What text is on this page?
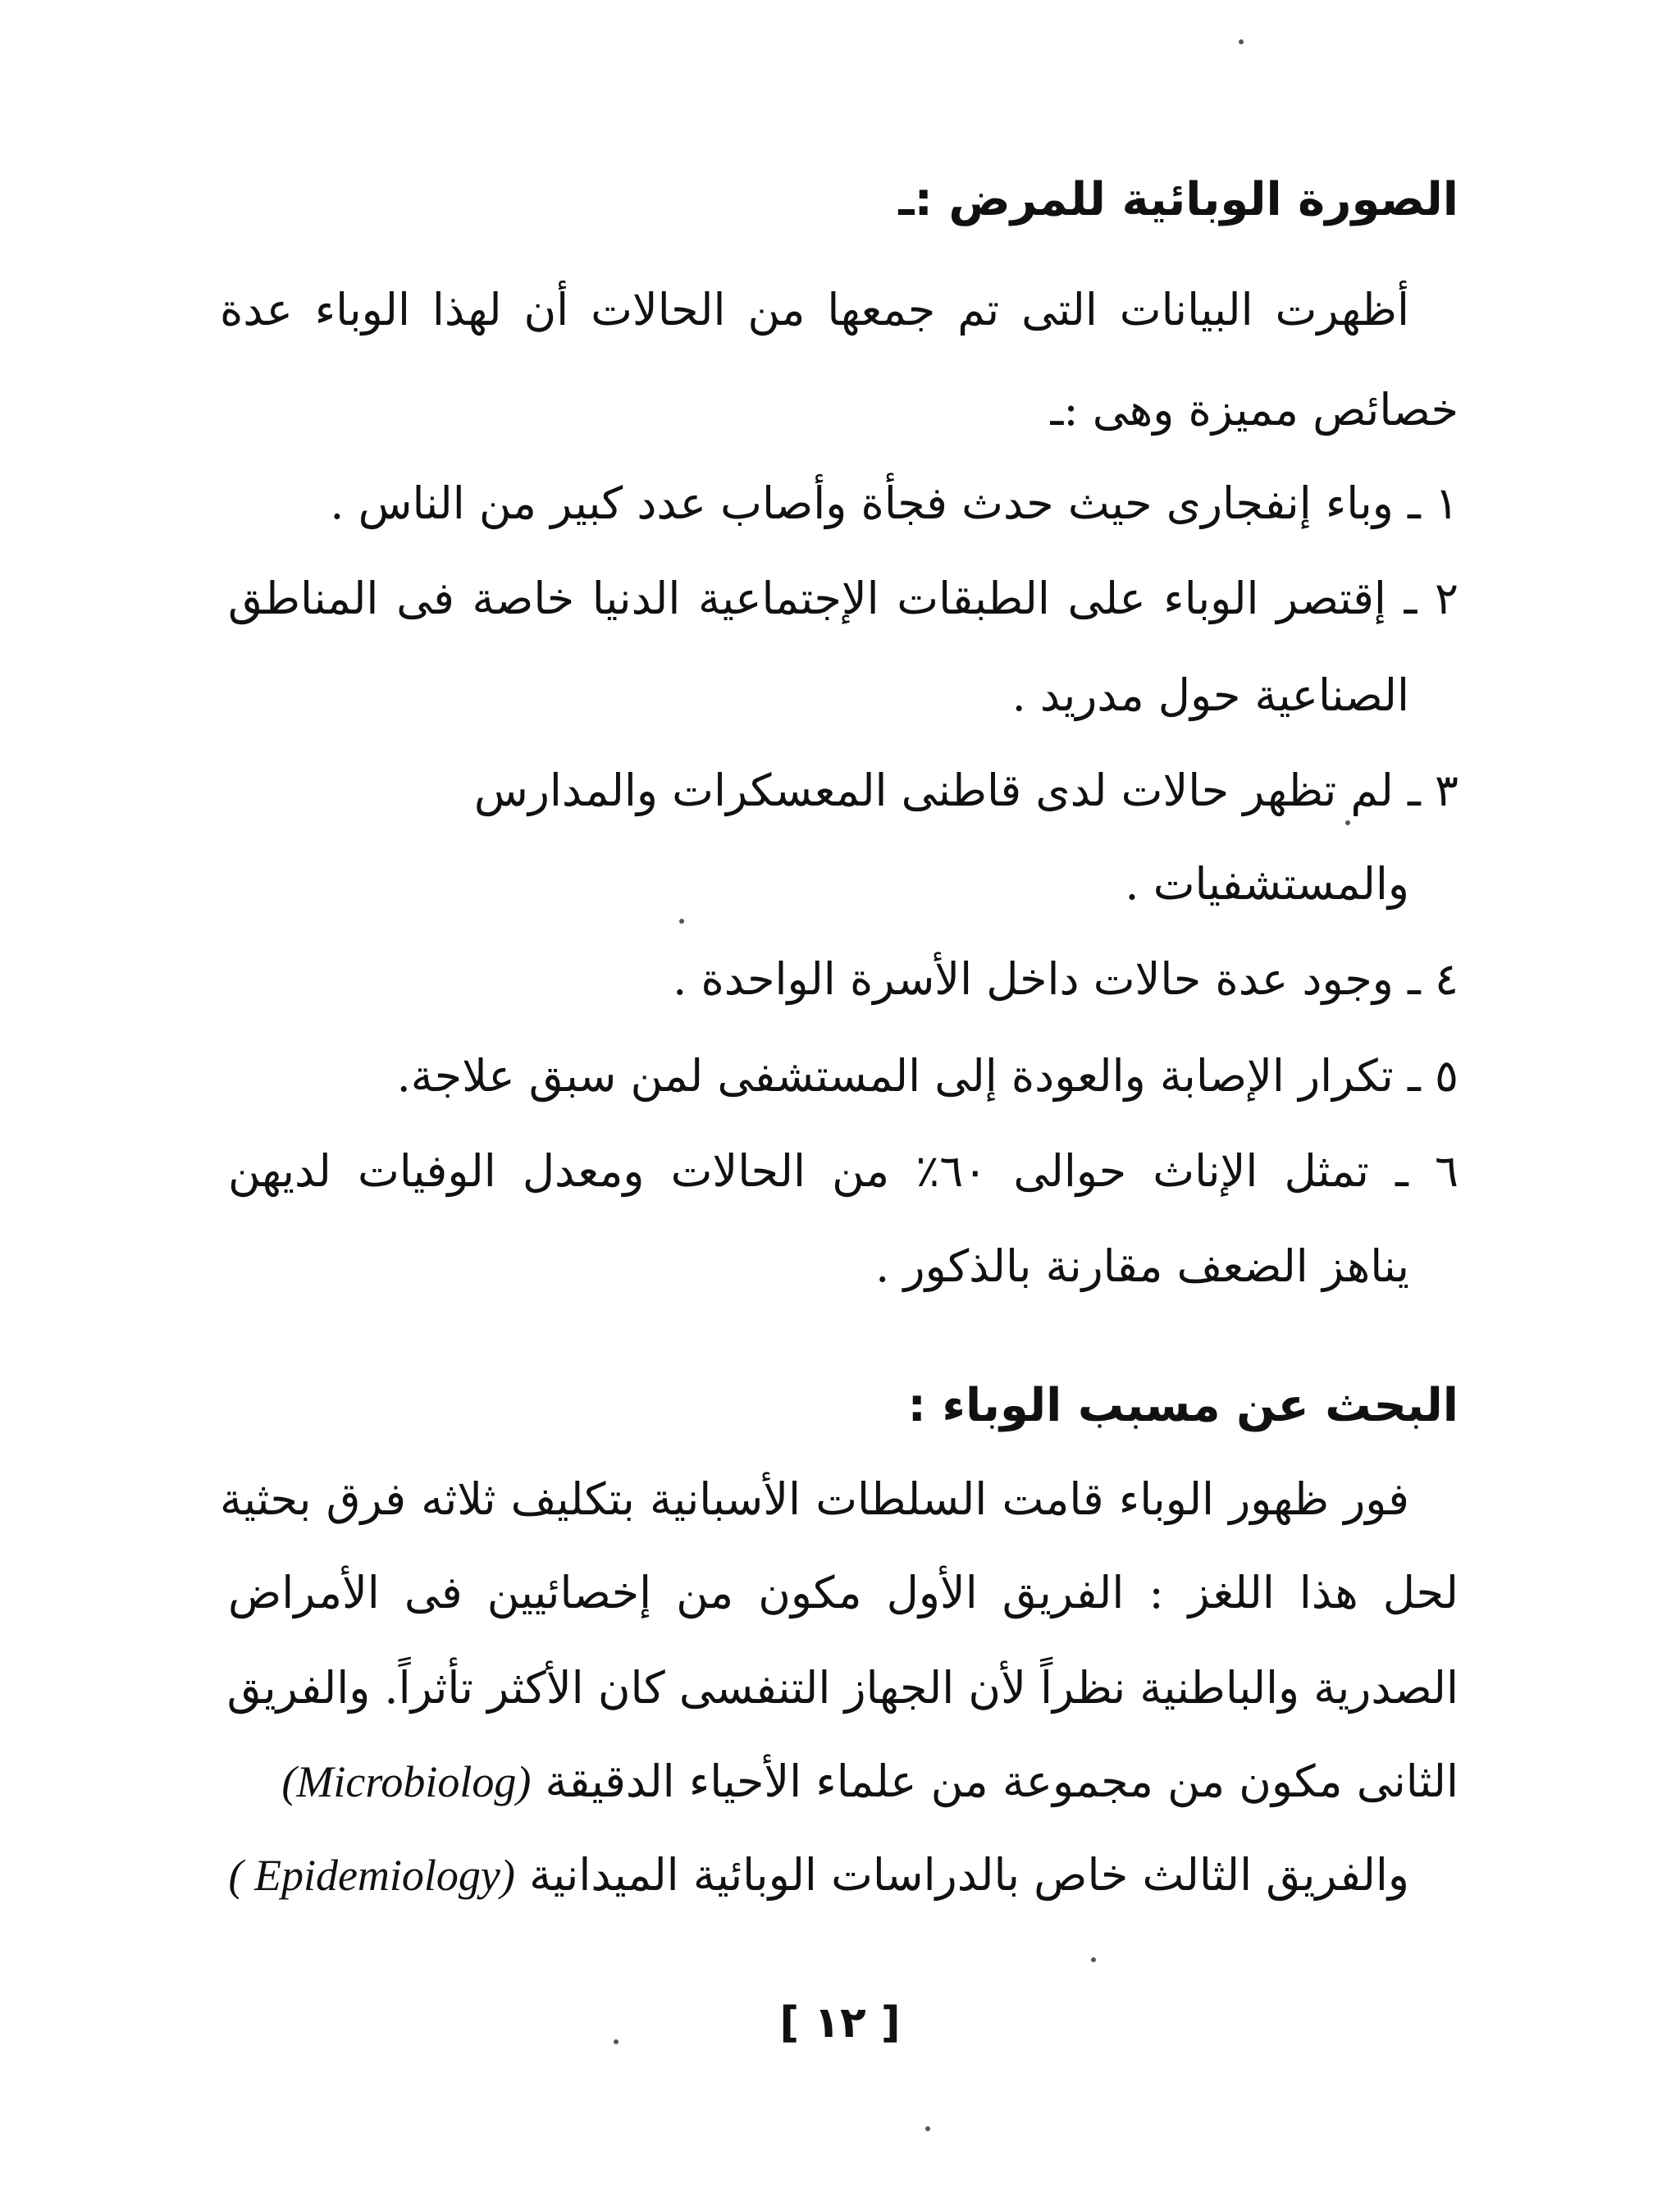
الصورة الوبائية للمرض :ـ
أظهرت البيانات التى تم جمعها من الحالات أن لهذا الوباء عدة
خصائص مميزة وهى :ـ
١ ـ وباء إنفجارى حيث حدث فجأة وأصاب عدد كبير من الناس .
٢ ـ إقتصر الوباء على الطبقات الإجتماعية الدنيا خاصة فى المناطق
الصناعية حول مدريد .
٣ ـ لم تظهر حالات لدى قاطنى المعسكرات والمدارس
والمستشفيات .
٤ ـ وجود عدة حالات داخل الأسرة الواحدة .
٥ ـ تكرار الإصابة والعودة إلى المستشفى لمن سبق علاجة.
٦ ـ تمثل الإناث حوالى ٦٠٪ من الحالات ومعدل الوفيات لديهن
يناهز الضعف مقارنة بالذكور .
البحث عن مسبب الوباء :
فور ظهور الوباء قامت السلطات الأسبانية بتكليف ثلاثه فرق بحثية
لحل هذا اللغز : الفريق الأول مكون من إخصائيين فى الأمراض
الصدرية والباطنية نظراً لأن الجهاز التنفسى كان الأكثر تأثراً. والفريق
الثانى مكون من مجموعة من علماء الأحياء الدقيقة (Microbiolog)
والفريق الثالث خاص بالدراسات الوبائية الميدانية ( Epidemiology)
[ ١٢ ]
